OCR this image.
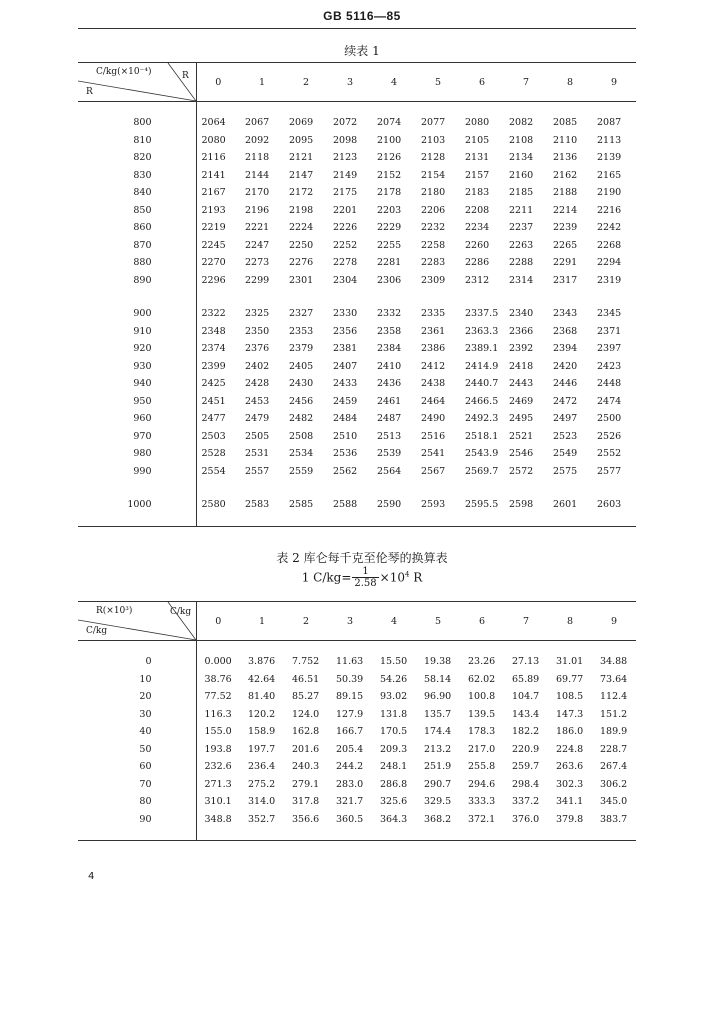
GB 5116—85
续表 1
C/kg(×10⁻⁴) R
R	0	1	2	3	4	5	6	7	8	9

800	2064	2067	2069	2072	2074	2077	2080	2082	2085	2087
810	2080	2092	2095	2098	2100	2103	2105	2108	2110	2113
820	2116	2118	2121	2123	2126	2128	2131	2134	2136	2139
830	2141	2144	2147	2149	2152	2154	2157	2160	2162	2165
840	2167	2170	2172	2175	2178	2180	2183	2185	2188	2190
850	2193	2196	2198	2201	2203	2206	2208	2211	2214	2216
860	2219	2221	2224	2226	2229	2232	2234	2237	2239	2242
870	2245	2247	2250	2252	2255	2258	2260	2263	2265	2268
880	2270	2273	2276	2278	2281	2283	2286	2288	2291	2294
890	2296	2299	2301	2304	2306	2309	2312	2314	2317	2319

900	2322	2325	2327	2330	2332	2335	2337.5	2340	2343	2345
910	2348	2350	2353	2356	2358	2361	2363.3	2366	2368	2371
920	2374	2376	2379	2381	2384	2386	2389.1	2392	2394	2397
930	2399	2402	2405	2407	2410	2412	2414.9	2418	2420	2423
940	2425	2428	2430	2433	2436	2438	2440.7	2443	2446	2448
950	2451	2453	2456	2459	2461	2464	2466.5	2469	2472	2474
960	2477	2479	2482	2484	2487	2490	2492.3	2495	2497	2500
970	2503	2505	2508	2510	2513	2516	2518.1	2521	2523	2526
980	2528	2531	2534	2536	2539	2541	2543.9	2546	2549	2552
990	2554	2557	2559	2562	2564	2567	2569.7	2572	2575	2577

1000	2580	2583	2585	2588	2590	2593	2595.5	2598	2601	2603

表 2 库仑每千克至伦琴的换算表
1 $C/kg= \frac{1}{2.58} \times 10^4$ R
R(×10³) C/kg
C/kg	0	1	2	3	4	5	6	7	8	9

0	0.000	3.876	7.752	11.63	15.50	19.38	23.26	27.13	31.01	34.88
10	38.76	42.64	46.51	50.39	54.26	58.14	62.02	65.89	69.77	73.64
20	77.52	81.40	85.27	89.15	93.02	96.90	100.8	104.7	108.5	112.4
30	116.3	120.2	124.0	127.9	131.8	135.7	139.5	143.4	147.3	151.2
40	155.0	158.9	162.8	166.7	170.5	174.4	178.3	182.2	186.0	189.9
50	193.8	197.7	201.6	205.4	209.3	213.2	217.0	220.9	224.8	228.7
60	232.6	236.4	240.3	244.2	248.1	251.9	255.8	259.7	263.6	267.4
70	271.3	275.2	279.1	283.0	286.8	290.7	294.6	298.4	302.3	306.2
80	310.1	314.0	317.8	321.7	325.6	329.5	333.3	337.2	341.1	345.0
90	348.8	352.7	356.6	360.5	364.3	368.2	372.1	376.0	379.8	383.7

4
